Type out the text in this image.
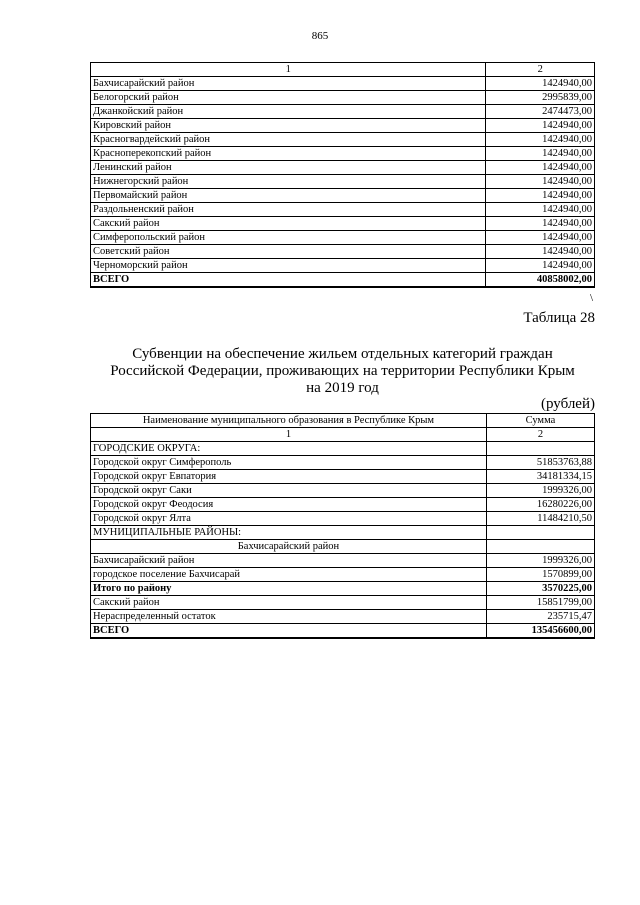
865
1	2
Бахчисарайский район	1424940,00
Белогорский район	2995839,00
Джанкойский район	2474473,00
Кировский район	1424940,00
Красногвардейский район	1424940,00
Красноперекопский район	1424940,00
Ленинский район	1424940,00
Нижнегорский район	1424940,00
Первомайский район	1424940,00
Раздольненский район	1424940,00
Сакский район	1424940,00
Симферопольский район	1424940,00
Советский район	1424940,00
Черноморский район	1424940,00
ВСЕГО	40858002,00
\
Таблица 28
Субвенции на обеспечение жильем отдельных категорий граждан
Российской Федерации, проживающих на территории Республики Крым
на 2019 год
(рублей)
Наименование муниципального образования в Республике Крым	Сумма
1	2
ГОРОДСКИЕ ОКРУГА:	
Городской округ Симферополь	51853763,88
Городской округ Евпатория	34181334,15
Городской округ Саки	1999326,00
Городской округ Феодосия	16280226,00
Городской округ Ялта	11484210,50
МУНИЦИПАЛЬНЫЕ РАЙОНЫ:	
Бахчисарайский район	
Бахчисарайский район	1999326,00
городское поселение Бахчисарай	1570899,00
Итого по району	3570225,00
Сакский район	15851799,00
Нераспределенный остаток	235715,47
ВСЕГО	135456600,00
